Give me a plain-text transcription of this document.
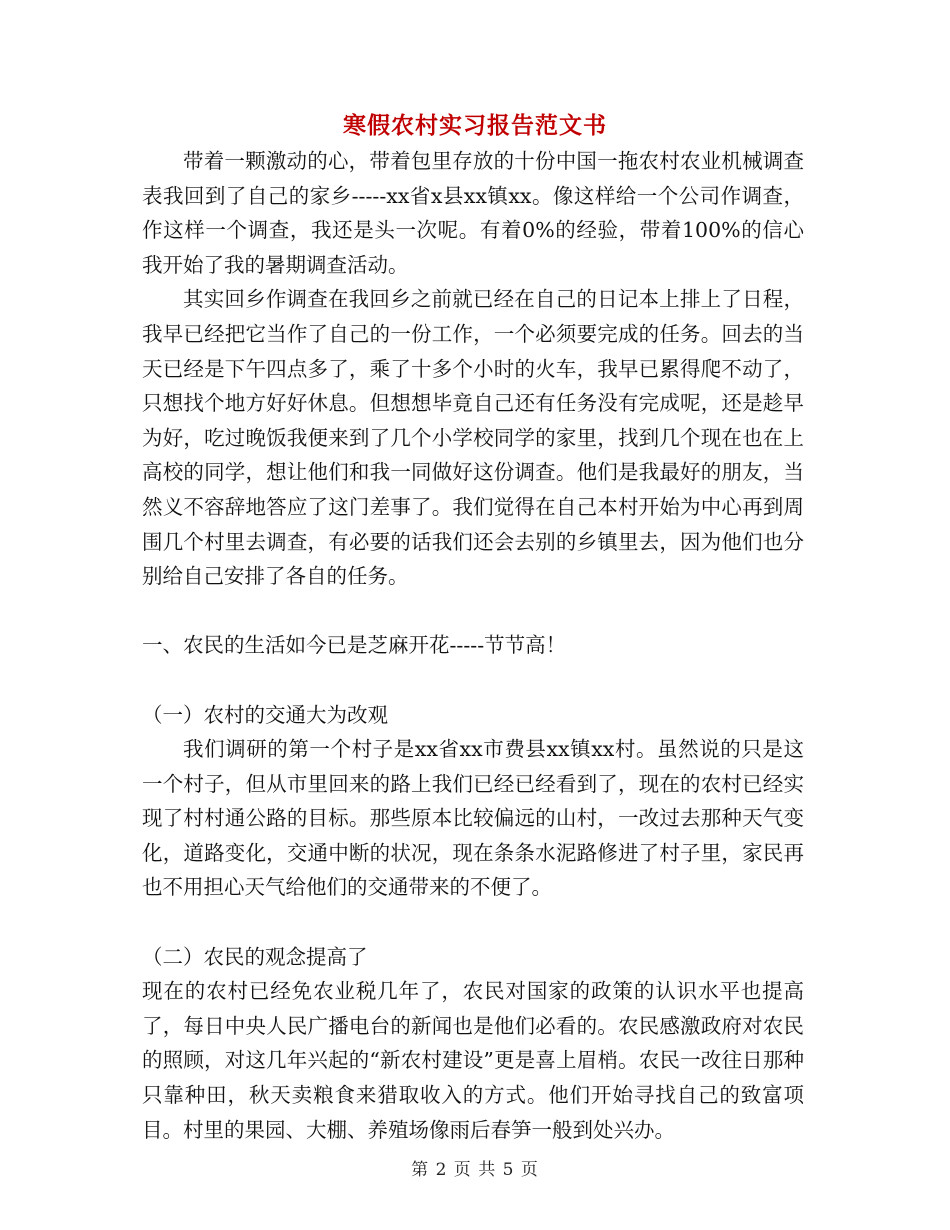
寒假农村实习报告范文书

带着一颗激动的心，带着包里存放的十份中国一拖农村农业机械调查表我回到了自己的家乡-----xx省x县xx镇xx。像这样给一个公司作调查，作这样一个调查，我还是头一次呢。有着0%的经验，带着100%的信心我开始了我的暑期调查活动。

其实回乡作调查在我回乡之前就已经在自己的日记本上排上了日程，我早已经把它当作了自己的一份工作，一个必须要完成的任务。回去的当天已经是下午四点多了，乘了十多个小时的火车，我早已累得爬不动了，只想找个地方好好休息。但想想毕竟自己还有任务没有完成呢，还是趁早为好，吃过晚饭我便来到了几个小学校同学的家里，找到几个现在也在上高校的同学，想让他们和我一同做好这份调查。他们是我最好的朋友，当然义不容辞地答应了这门差事了。我们觉得在自己本村开始为中心再到周围几个村里去调查，有必要的话我们还会去别的乡镇里去，因为他们也分别给自己安排了各自的任务。

一、农民的生活如今已是芝麻开花-----节节高！

（一）农村的交通大为改观

我们调研的第一个村子是xx省xx市费县xx镇xx村。虽然说的只是这一个村子，但从市里回来的路上我们已经已经看到了，现在的农村已经实现了村村通公路的目标。那些原本比较偏远的山村，一改过去那种天气变化，道路变化，交通中断的状况，现在条条水泥路修进了村子里，家民再也不用担心天气给他们的交通带来的不便了。

（二）农民的观念提高了

现在的农村已经免农业税几年了，农民对国家的政策的认识水平也提高了，每日中央人民广播电台的新闻也是他们必看的。农民感激政府对农民的照顾，对这几年兴起的“新农村建设”更是喜上眉梢。农民一改往日那种只靠种田，秋天卖粮食来猎取收入的方式。他们开始寻找自己的致富项目。村里的果园、大棚、养殖场像雨后春笋一般到处兴办。

第 2 页 共 5 页
